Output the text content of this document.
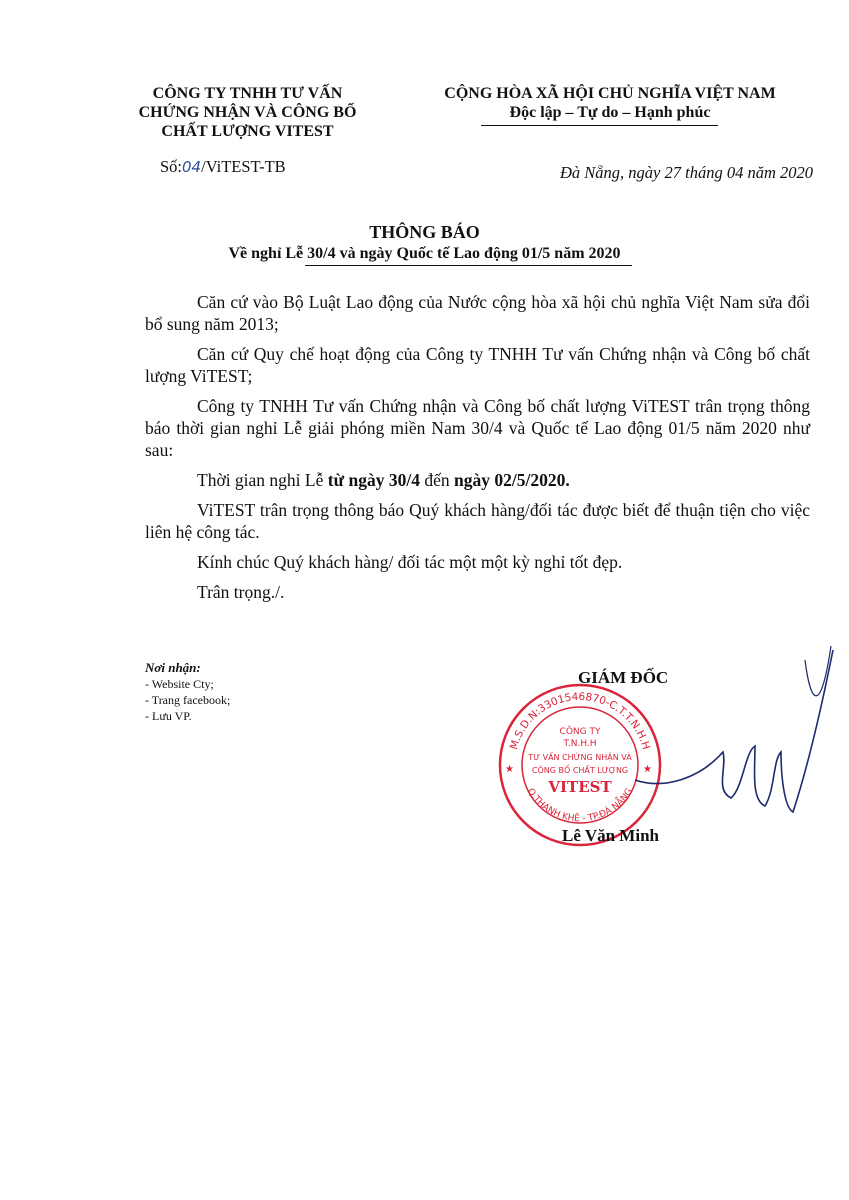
CÔNG TY TNHH TƯ VẤN
CHỨNG NHẬN VÀ CÔNG BỐ
CHẤT LƯỢNG VITEST
CỘNG HÒA XÃ HỘI CHỦ NGHĨA VIỆT NAM
Độc lập – Tự do – Hạnh phúc
Số:04/ViTEST-TB	Đà Nẵng, ngày 27 tháng 04 năm 2020
THÔNG BÁO
Về nghỉ Lễ 30/4 và ngày Quốc tế Lao động 01/5 năm 2020

Căn cứ vào Bộ Luật Lao động của Nước cộng hòa xã hội chủ nghĩa Việt Nam sửa đổi bổ sung năm 2013;

Căn cứ Quy chế hoạt động của Công ty TNHH Tư vấn Chứng nhận và Công bố chất lượng ViTEST;

Công ty TNHH Tư vấn Chứng nhận và Công bố chất lượng ViTEST trân trọng thông báo thời gian nghỉ Lễ giải phóng miền Nam 30/4 và Quốc tế Lao động 01/5 năm 2020 như sau:

Thời gian nghỉ Lễ từ ngày 30/4 đến ngày 02/5/2020.

ViTEST trân trọng thông báo Quý khách hàng/đối tác được biết để thuận tiện cho việc liên hệ công tác.

Kính chúc Quý khách hàng/ đối tác một một kỳ nghỉ tốt đẹp.

Trân trọng./.

Nơi nhận:
- Website Cty;
- Trang facebook;
- Lưu VP.
M.S.D.N:3301546870-C.T.T.N.H.H
Q.THANH KHÊ - TP.ĐÀ NẴNG
CÔNG TY
T.N.H.H
TƯ VẤN CHỨNG NHẬN VÀ
CÔNG BỐ CHẤT LƯỢNG
VITEST
★	★
GIÁM ĐỐC
Lê Văn Minh
